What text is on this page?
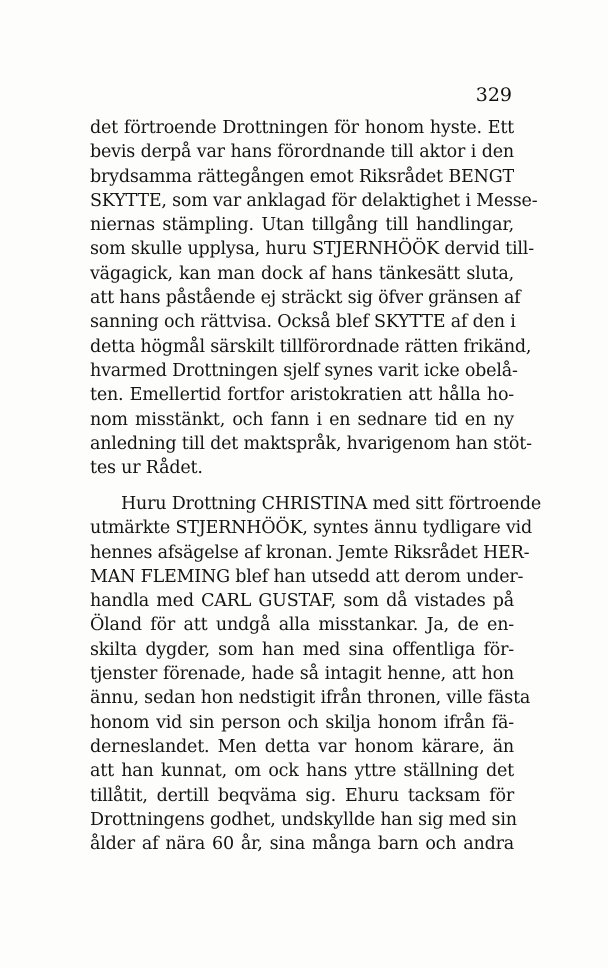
329
det förtroende Drottningen för honom hyste. Ett
bevis derpå var hans förordnande till aktor i den
brydsamma rättegången emot Riksrådet BENGT
SKYTTE, som var anklagad för delaktighet i Messe-
niernas stämpling. Utan tillgång till handlingar,
som skulle upplysa, huru STJERNHÖÖK dervid till-
vägagick, kan man dock af hans tänkesätt sluta,
att hans påstående ej sträckt sig öfver gränsen af
sanning och rättvisa. Också blef SKYTTE af den i
detta högmål särskilt tillförordnade rätten frikänd,
hvarmed Drottningen sjelf synes varit icke obelå-
ten. Emellertid fortfor aristokratien att hålla ho-
nom misstänkt, och fann i en sednare tid en ny
anledning till det maktspråk, hvarigenom han stöt-
tes ur Rådet.
Huru Drottning CHRISTINA med sitt förtroende
utmärkte STJERNHÖÖK, syntes ännu tydligare vid
hennes afsägelse af kronan. Jemte Riksrådet HER-
MAN FLEMING blef han utsedd att derom under-
handla med CARL GUSTAF, som då vistades på
Öland för att undgå alla misstankar. Ja, de en-
skilta dygder, som han med sina offentliga för-
tjenster förenade, hade så intagit henne, att hon
ännu, sedan hon nedstigit ifrån thronen, ville fästa
honom vid sin person och skilja honom ifrån fä-
derneslandet. Men detta var honom kärare, än
att han kunnat, om ock hans yttre ställning det
tillåtit, dertill beqväma sig. Ehuru tacksam för
Drottningens godhet, undskyllde han sig med sin
ålder af nära 60 år, sina många barn och andra
